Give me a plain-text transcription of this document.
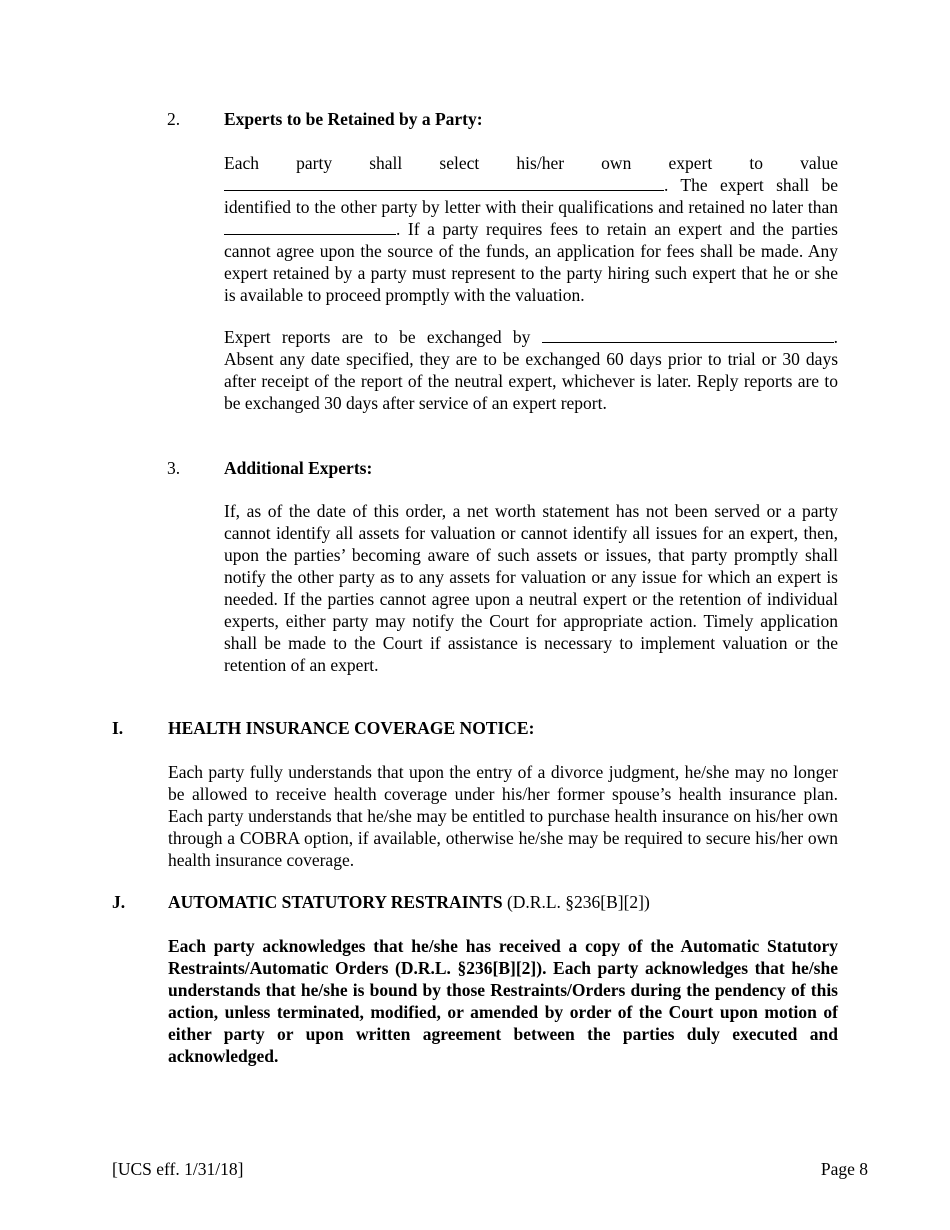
2.	Experts to be Retained by a Party:
Each party shall select his/her own expert to value . The expert shall be identified to the other party by letter with their qualifications and retained no later than . If a party requires fees to retain an expert and the parties cannot agree upon the source of the funds, an application for fees shall be made. Any expert retained by a party must represent to the party hiring such expert that he or she is available to proceed promptly with the valuation.
Expert reports are to be exchanged by	. Absent any date specified, they are to be exchanged 60 days prior to trial or 30 days after receipt of the report of the neutral expert, whichever is later. Reply reports are to be exchanged 30 days after service of an expert report.
3.	Additional Experts:
If, as of the date of this order, a net worth statement has not been served or a party cannot identify all assets for valuation or cannot identify all issues for an expert, then, upon the parties’ becoming aware of such assets or issues, that party promptly shall notify the other party as to any assets for valuation or any issue for which an expert is needed. If the parties cannot agree upon a neutral expert or the retention of individual experts, either party may notify the Court for appropriate action. Timely application shall be made to the Court if assistance is necessary to implement valuation or the retention of an expert.
I.	HEALTH INSURANCE COVERAGE NOTICE:
Each party fully understands that upon the entry of a divorce judgment, he/she may no longer be allowed to receive health coverage under his/her former spouse’s health insurance plan. Each party understands that he/she may be entitled to purchase health insurance on his/her own through a COBRA option, if available, otherwise he/she may be required to secure his/her own health insurance coverage.
J. AUTOMATIC STATUTORY RESTRAINTS (D.R.L. §236[B][2])
Each party acknowledges that he/she has received a copy of the Automatic Statutory Restraints/Automatic Orders (D.R.L. §236[B][2]). Each party acknowledges that he/she understands that he/she is bound by those Restraints/Orders during the pendency of this action, unless terminated, modified, or amended by order of the Court upon motion of either party or upon written agreement between the parties duly executed and acknowledged.
[UCS eff. 1/31/18]	Page 8
